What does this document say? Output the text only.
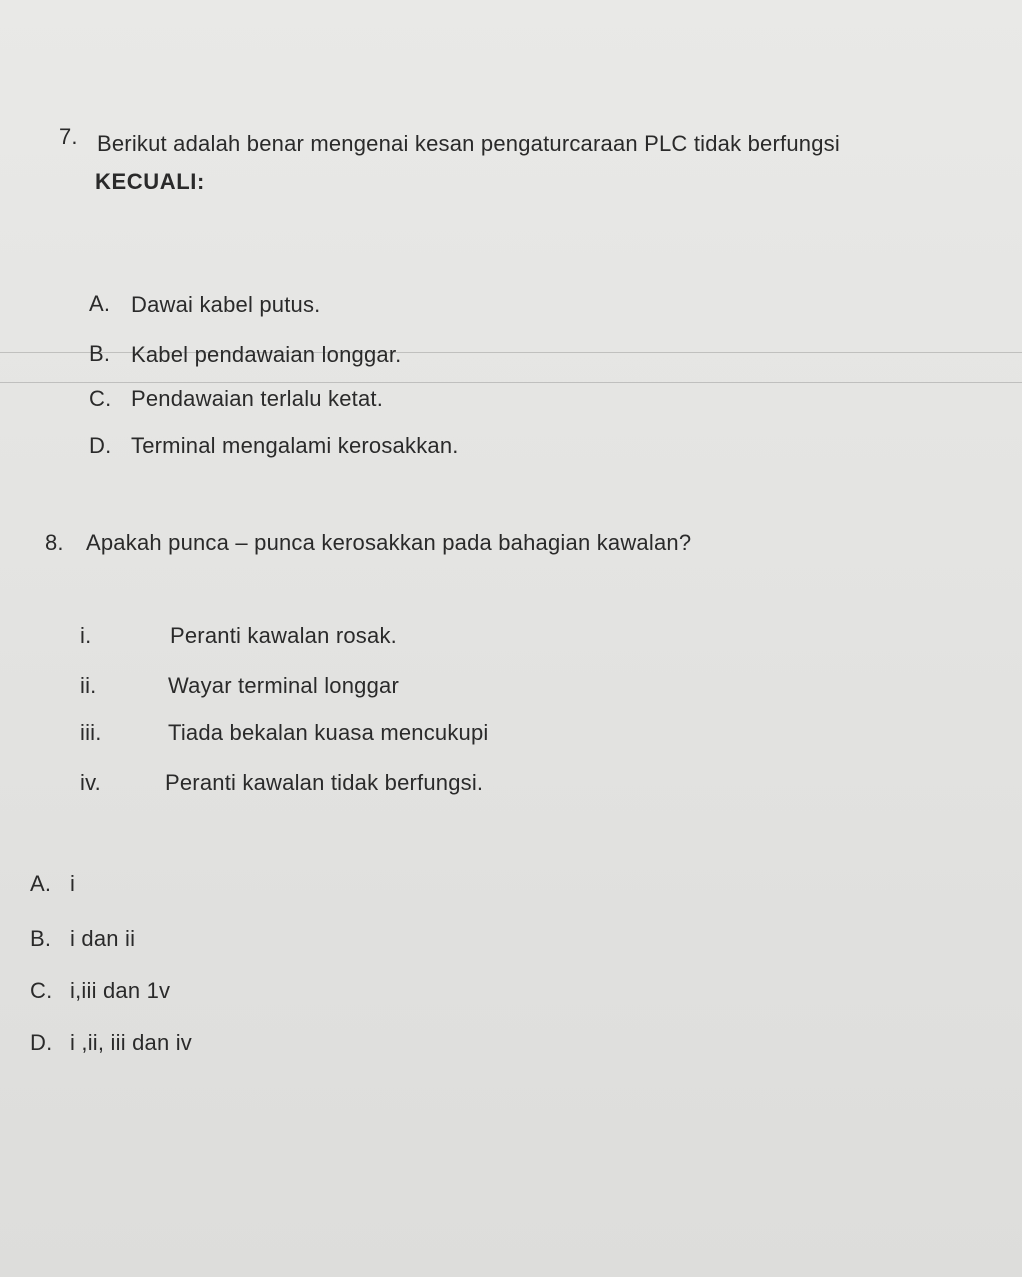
7. Berikut adalah benar mengenai kesan pengaturcaraan PLC tidak berfungsi
KECUALI:
A. Dawai kabel putus.
B. Kabel pendawaian longgar.
C. Pendawaian terlalu ketat.
D. Terminal mengalami kerosakkan.
8. Apakah punca – punca kerosakkan pada bahagian kawalan?
i.	Peranti kawalan rosak.
ii.	Wayar terminal longgar
iii.	Tiada bekalan kuasa mencukupi
iv.	Peranti kawalan tidak berfungsi.
A. i
B. i dan ii
C. i,iii dan 1v
D. i ,ii, iii dan iv
